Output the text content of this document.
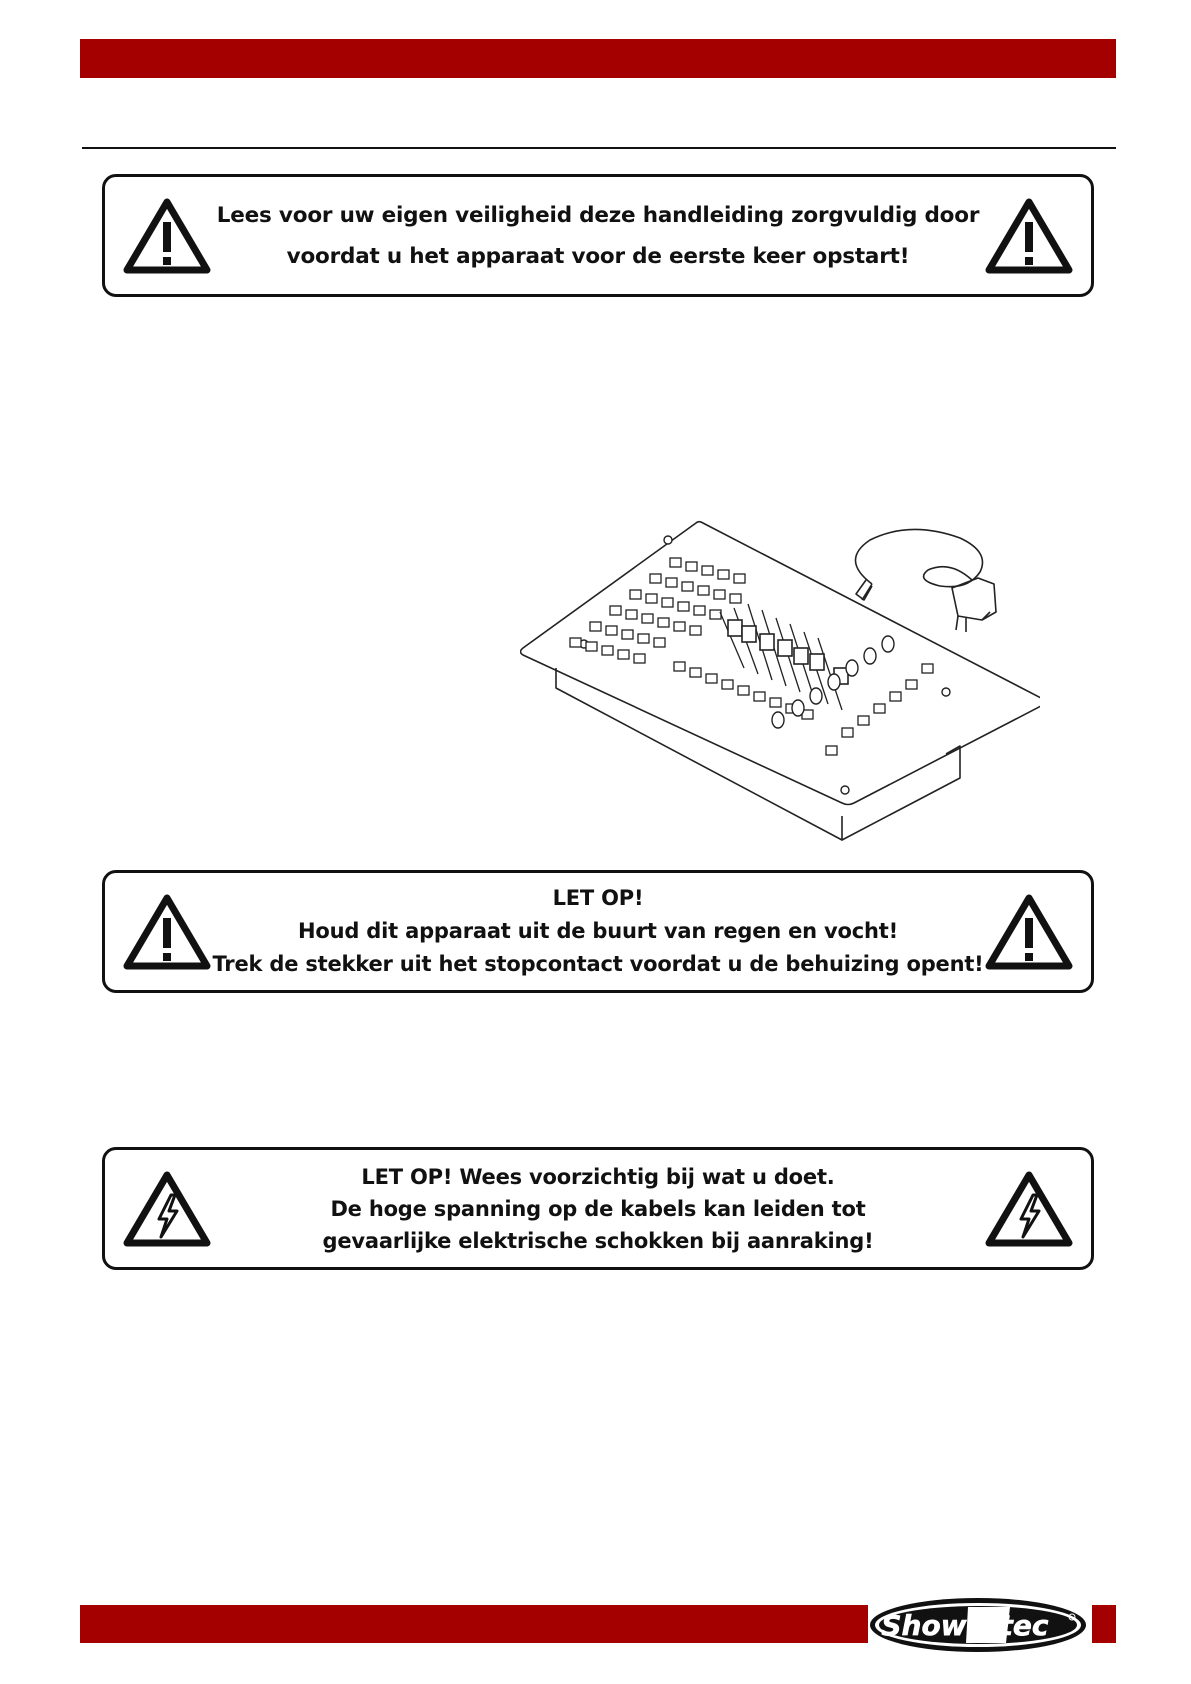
Lees voor uw eigen veiligheid deze handleiding zorgvuldig door
voordat u het apparaat voor de eerste keer opstart!
LET OP!
Houd dit apparaat uit de buurt van regen en vocht!
Trek de stekker uit het stopcontact voordat u de behuizing opent!
LET OP! Wees voorzichtig bij wat u doet.
De hoge spanning op de kabels kan leiden tot
gevaarlijke elektrische schokken bij aanraking!
Show tec
